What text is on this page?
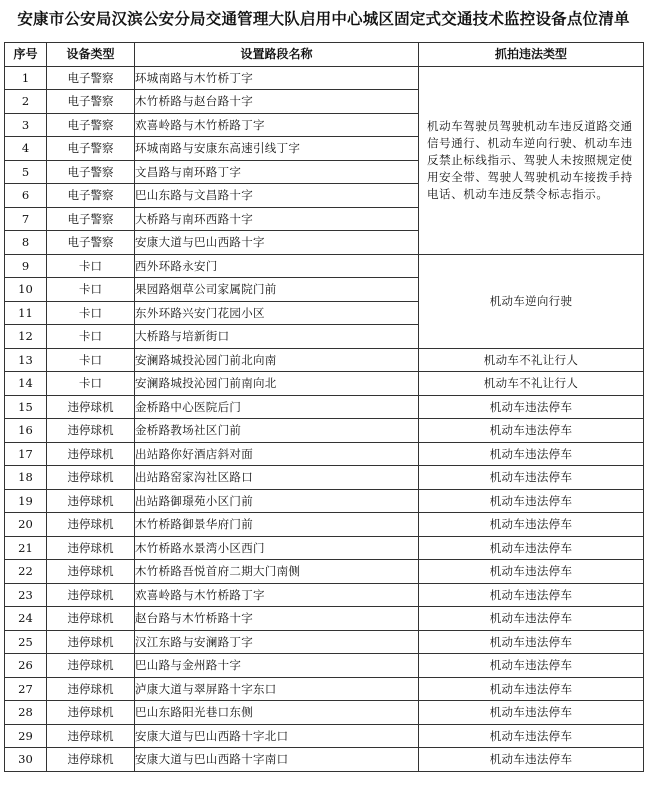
安康市公安局汉滨公安分局交通管理大队启用中心城区固定式交通技术监控设备点位清单
序号	设备类型	设置路段名称	抓拍违法类型
1	电子警察	环城南路与木竹桥丁字	机动车驾驶员驾驶机动车违反道路交通信号通行、机动车逆向行驶、机动车违反禁止标线指示、驾驶人未按照规定使用安全带、驾驶人驾驶机动车接拨手持电话、机动车违反禁令标志指示。
2	电子警察	木竹桥路与赵台路十字	
3	电子警察	欢喜岭路与木竹桥路丁字	
4	电子警察	环城南路与安康东高速引线丁字	
5	电子警察	文昌路与南环路丁字	
6	电子警察	巴山东路与文昌路十字	
7	电子警察	大桥路与南环西路十字	
8	电子警察	安康大道与巴山西路十字	
9	卡口	西外环路永安门	机动车逆向行驶
10	卡口	果园路烟草公司家属院门前	
11	卡口	东外环路兴安门花园小区	
12	卡口	大桥路与培新街口	
13	卡口	安澜路城投沁园门前北向南	机动车不礼让行人
14	卡口	安澜路城投沁园门前南向北	机动车不礼让行人
15	违停球机	金桥路中心医院后门	机动车违法停车
16	违停球机	金桥路教场社区门前	机动车违法停车
17	违停球机	出站路你好酒店斜对面	机动车违法停车
18	违停球机	出站路窑家沟社区路口	机动车违法停车
19	违停球机	出站路御璟苑小区门前	机动车违法停车
20	违停球机	木竹桥路御景华府门前	机动车违法停车
21	违停球机	木竹桥路水景湾小区西门	机动车违法停车
22	违停球机	木竹桥路吾悦首府二期大门南侧	机动车违法停车
23	违停球机	欢喜岭路与木竹桥路丁字	机动车违法停车
24	违停球机	赵台路与木竹桥路十字	机动车违法停车
25	违停球机	汉江东路与安澜路丁字	机动车违法停车
26	违停球机	巴山路与金州路十字	机动车违法停车
27	违停球机	泸康大道与翠屏路十字东口	机动车违法停车
28	违停球机	巴山东路阳光巷口东侧	机动车违法停车
29	违停球机	安康大道与巴山西路十字北口	机动车违法停车
30	违停球机	安康大道与巴山西路十字南口	机动车违法停车
